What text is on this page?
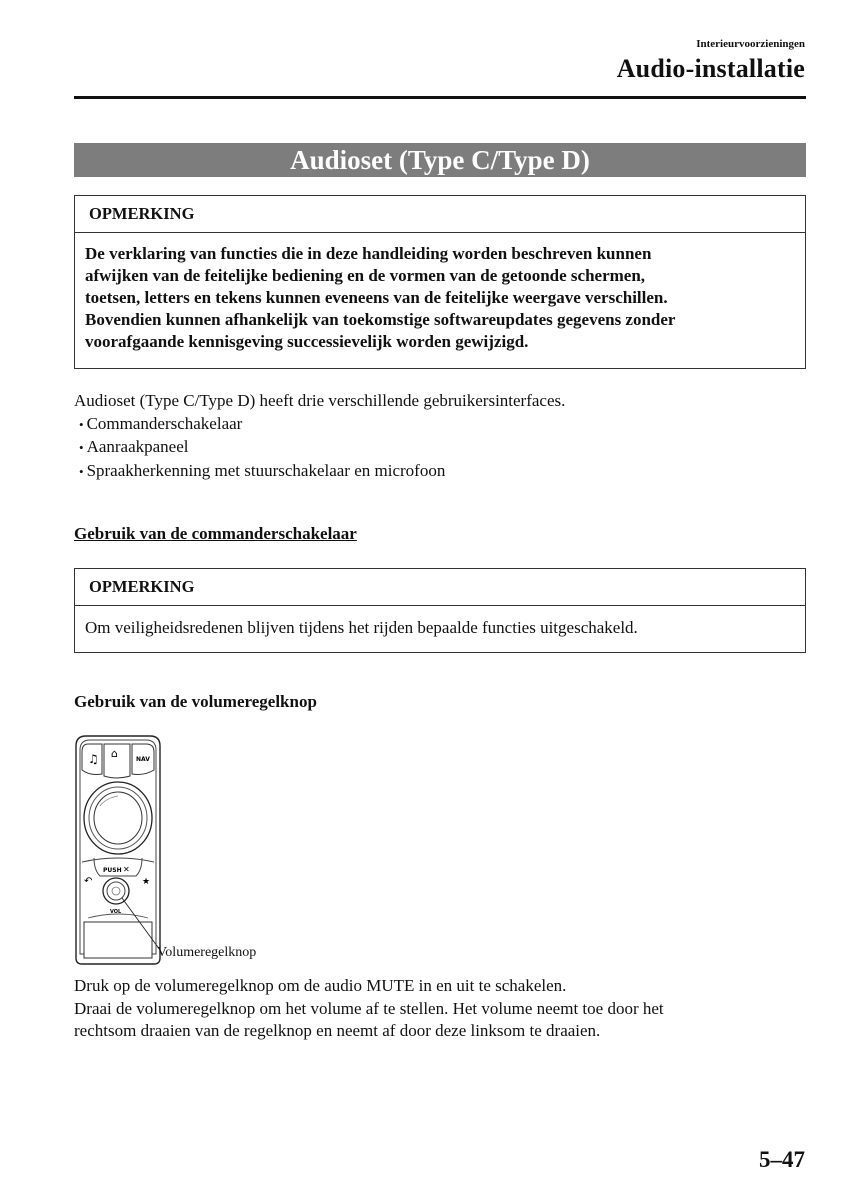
Interieurvoorzieningen
Audio-installatie
Audioset (Type C/Type D)
OPMERKING
De verklaring van functies die in deze handleiding worden beschreven kunnen
afwijken van de feitelijke bediening en de vormen van de getoonde schermen,
toetsen, letters en tekens kunnen eveneens van de feitelijke weergave verschillen.
Bovendien kunnen afhankelijk van toekomstige softwareupdates gegevens zonder
voorafgaande kennisgeving successievelijk worden gewijzigd.
Audioset (Type C/Type D) heeft drie verschillende gebruikersinterfaces.
• Commanderschakelaar
• Aanraakpaneel
• Spraakherkenning met stuurschakelaar en microfoon
Gebruik van de commanderschakelaar
OPMERKING
Om veiligheidsredenen blijven tijdens het rijden bepaalde functies uitgeschakeld.
Gebruik van de volumeregelknop
♫ ⌂	NAV
↶	★
PUSH ✕
VOL
Volumeregelknop
Druk op de volumeregelknop om de audio MUTE in en uit te schakelen.
Draai de volumeregelknop om het volume af te stellen. Het volume neemt toe door het
rechtsom draaien van de regelknop en neemt af door deze linksom te draaien.
5–47
